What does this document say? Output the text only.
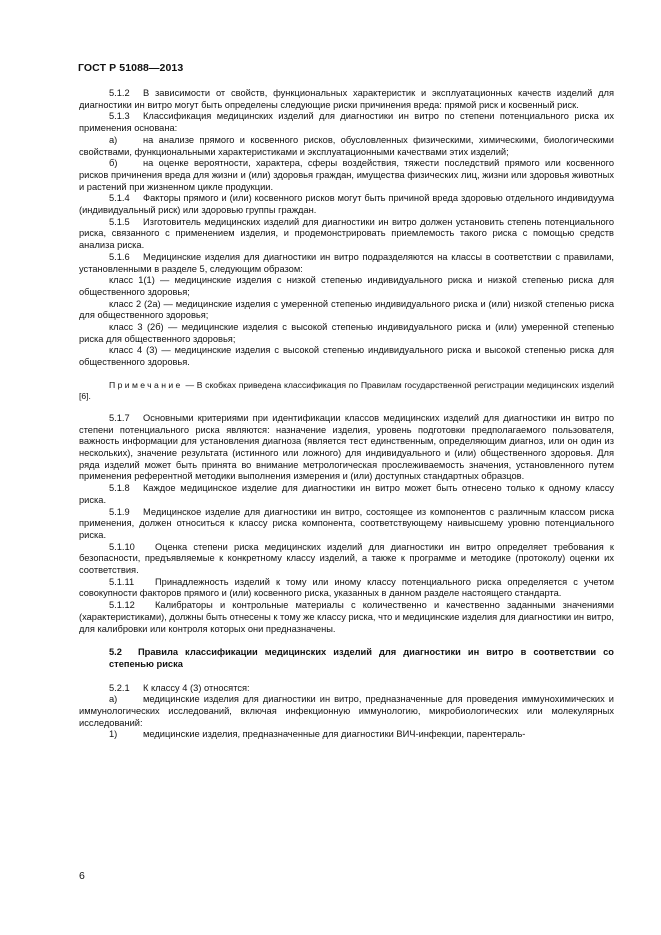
ГОСТ Р 51088—2013

5.1.2 В зависимости от свойств, функциональных характеристик и эксплуатационных качеств изделий для диагностики ин витро могут быть определены следующие риски причинения вреда: прямой риск и косвенный риск.

5.1.3 Классификация медицинских изделий для диагностики ин витро по степени потенциального риска их применения основана:

а)	на анализе прямого и косвенного рисков, обусловленных физическими, химическими, биологическими свойствами, функциональными характеристиками и эксплуатационными качествами этих изделий;

б)	на оценке вероятности, характера, сферы воздействия, тяжести последствий прямого или косвенного рисков причинения вреда для жизни и (или) здоровья граждан, имущества физических лиц, жизни или здоровья животных и растений при жизненном цикле продукции.

5.1.4 Факторы прямого и (или) косвенного рисков могут быть причиной вреда здоровью отдельного индивидуума (индивидуальный риск) или здоровью группы граждан.

5.1.5 Изготовитель медицинских изделий для диагностики ин витро должен установить степень потенциального риска, связанного с применением изделия, и продемонстрировать приемлемость такого риска с помощью средств анализа риска.

5.1.6 Медицинские изделия для диагностики ин витро подразделяются на классы в соответствии с правилами, установленными в разделе 5, следующим образом:

класс 1(1) — медицинские изделия с низкой степенью индивидуального риска и низкой степенью риска для общественного здоровья;

класс 2 (2а) — медицинские изделия с умеренной степенью индивидуального риска и (или) низкой степенью риска для общественного здоровья;

класс 3 (2б) — медицинские изделия с высокой степенью индивидуального риска и (или) умеренной степенью риска для общественного здоровья;

класс 4 (3) — медицинские изделия с высокой степенью индивидуального риска и высокой степенью риска для общественного здоровья.

Примечание — В скобках приведена классификация по Правилам государственной регистрации медицинских изделий [6].

5.1.7 Основными критериями при идентификации классов медицинских изделий для диагностики ин витро по степени потенциального риска являются: назначение изделия, уровень подготовки предполагаемого пользователя, важность информации для установления диагноза (является тест единственным, определяющим диагноз, или он один из нескольких), значение результата (истинного или ложного) для индивидуального и (или) общественного здоровья. Для ряда изделий может быть принята во внимание метрологическая прослеживаемость значения, установленного путем применения референтной методики выполнения измерения и (или) доступных стандартных образцов.

5.1.8 Каждое медицинское изделие для диагностики ин витро может быть отнесено только к одному классу риска.

5.1.9 Медицинское изделие для диагностики ин витро, состоящее из компонентов с различным классом риска применения, должен относиться к классу риска компонента, соответствующему наивысшему уровню потенциального риска.

5.1.10 Оценка степени риска медицинских изделий для диагностики ин витро определяет требования к безопасности, предъявляемые к конкретному классу изделий, а также к программе и методике (протоколу) оценки их соответствия.

5.1.11 Принадлежность изделий к тому или иному классу потенциального риска определяется с учетом совокупности факторов прямого и (или) косвенного риска, указанных в данном разделе настоящего стандарта.

5.1.12 Калибраторы и контрольные материалы с количественно и качественно заданными значениями (характеристиками), должны быть отнесены к тому же классу риска, что и медицинские изделия для диагностики ин витро, для калибровки или контроля которых они предназначены.

5.2 Правила классификации медицинских изделий для диагностики ин витро в соответствии со степенью риска

5.2.1 К классу 4 (3) относятся:

а)	медицинские изделия для диагностики ин витро, предназначенные для проведения иммунохимических и иммунологических исследований, включая инфекционную иммунологию, микробиологических или молекулярных исследований:

1)	медицинские изделия, предназначенные для диагностики ВИЧ-инфекции, парентераль-

6
